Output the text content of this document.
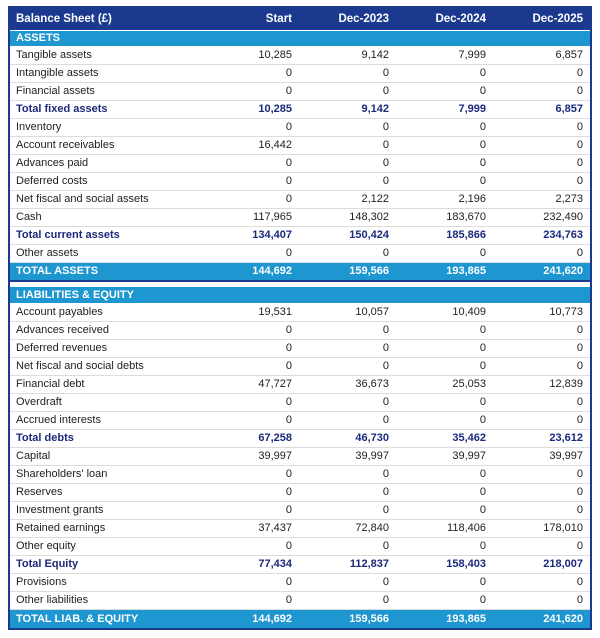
Balance Sheet (£)	Start	Dec-2023	Dec-2024	Dec-2025
ASSETS				
Tangible assets	10,285	9,142	7,999	6,857
Intangible assets	0	0	0	0
Financial assets	0	0	0	0
Total fixed assets	10,285	9,142	7,999	6,857
Inventory	0	0	0	0
Account receivables	16,442	0	0	0
Advances paid	0	0	0	0
Deferred costs	0	0	0	0
Net fiscal and social assets	0	2,122	2,196	2,273
Cash	117,965	148,302	183,670	232,490
Total current assets	134,407	150,424	185,866	234,763
Other assets	0	0	0	0
TOTAL ASSETS	144,692	159,566	193,865	241,620

LIABILITIES & EQUITY				
Account payables	19,531	10,057	10,409	10,773
Advances received	0	0	0	0
Deferred revenues	0	0	0	0
Net fiscal and social debts	0	0	0	0
Financial debt	47,727	36,673	25,053	12,839
Overdraft	0	0	0	0
Accrued interests	0	0	0	0
Total debts	67,258	46,730	35,462	23,612
Capital	39,997	39,997	39,997	39,997
Shareholders' loan	0	0	0	0
Reserves	0	0	0	0
Investment grants	0	0	0	0
Retained earnings	37,437	72,840	118,406	178,010
Other equity	0	0	0	0
Total Equity	77,434	112,837	158,403	218,007
Provisions	0	0	0	0
Other liabilities	0	0	0	0
TOTAL LIAB. & EQUITY	144,692	159,566	193,865	241,620
